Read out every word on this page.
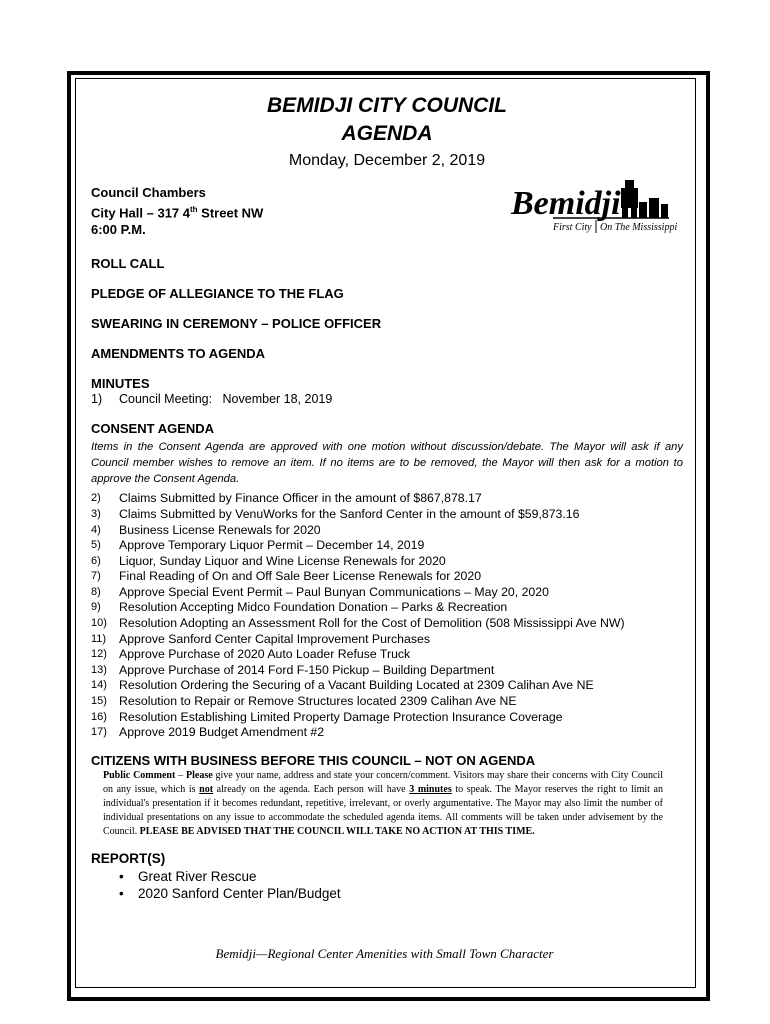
BEMIDJI CITY COUNCIL

AGENDA

Monday, December 2, 2019
Council Chambers
City Hall – 317 4th Street NW
6:00 P.M.
Bemidji
First City On The Mississippi

ROLL CALL

PLEDGE OF ALLEGIANCE TO THE FLAG

SWEARING IN CEREMONY – POLICE OFFICER

AMENDMENTS TO AGENDA

MINUTES

1)	Council Meeting:   November 18, 2019

CONSENT AGENDA

Items in the Consent Agenda are approved with one motion without discussion/debate. The Mayor will ask if any Council member wishes to remove an item. If no items are to be removed, the Mayor will then ask for a motion to approve the Consent Agenda.
2)	Claims Submitted by Finance Officer in the amount of $867,878.17
3)	Claims Submitted by VenuWorks for the Sanford Center in the amount of $59,873.16
4)	Business License Renewals for 2020
5)	Approve Temporary Liquor Permit – December 14, 2019
6)	Liquor, Sunday Liquor and Wine License Renewals for 2020
7)	Final Reading of On and Off Sale Beer License Renewals for 2020
8)	Approve Special Event Permit – Paul Bunyan Communications – May 20, 2020
9)	Resolution Accepting Midco Foundation Donation – Parks & Recreation
10) Resolution Adopting an Assessment Roll for the Cost of Demolition (508 Mississippi Ave NW)
11)	Approve Sanford Center Capital Improvement Purchases
12) Approve Purchase of 2020 Auto Loader Refuse Truck
13) Approve Purchase of 2014 Ford F-150 Pickup – Building Department
14) Resolution Ordering the Securing of a Vacant Building Located at 2309 Calihan Ave NE
15) Resolution to Repair or Remove Structures located 2309 Calihan Ave NE
16) Resolution Establishing Limited Property Damage Protection Insurance Coverage
17) Approve 2019 Budget Amendment #2

CITIZENS WITH BUSINESS BEFORE THIS COUNCIL – NOT ON AGENDA

Public Comment – Please give your name, address and state your concern/comment. Visitors may share their concerns with City Council on any issue, which is not already on the agenda. Each person will have 3 minutes to speak. The Mayor reserves the right to limit an individual's presentation if it becomes redundant, repetitive, irrelevant, or overly argumentative. The Mayor may also limit the number of individual presentations on any issue to accommodate the scheduled agenda items. All comments will be taken under advisement by the Council. PLEASE BE ADVISED THAT THE COUNCIL WILL TAKE NO ACTION AT THIS TIME.

REPORT(S)

•	Great River Rescue
•	2020 Sanford Center Plan/Budget
Bemidji—Regional Center Amenities with Small Town Character
